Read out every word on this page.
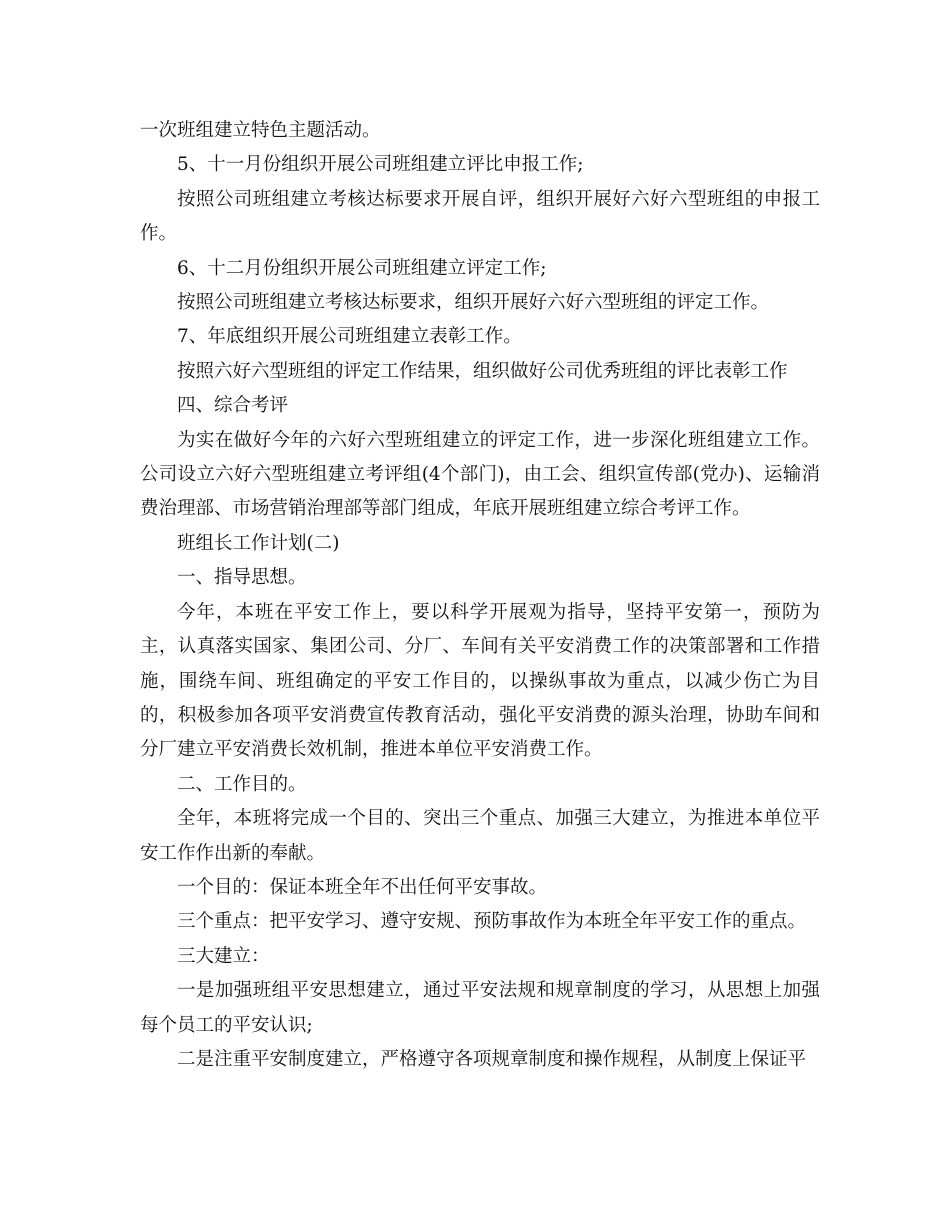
一次班组建立特色主题活动。

5、十一月份组织开展公司班组建立评比申报工作;

按照公司班组建立考核达标要求开展自评，组织开展好六好六型班组的申报工作。

6、十二月份组织开展公司班组建立评定工作;

按照公司班组建立考核达标要求，组织开展好六好六型班组的评定工作。

7、年底组织开展公司班组建立表彰工作。

按照六好六型班组的评定工作结果，组织做好公司优秀班组的评比表彰工作

四、综合考评

为实在做好今年的六好六型班组建立的评定工作，进一步深化班组建立工作。公司设立六好六型班组建立考评组(4个部门)，由工会、组织宣传部(党办)、运输消费治理部、市场营销治理部等部门组成，年底开展班组建立综合考评工作。

班组长工作计划(二)

一、指导思想。

今年，本班在平安工作上，要以科学开展观为指导，坚持平安第一，预防为主，认真落实国家、集团公司、分厂、车间有关平安消费工作的决策部署和工作措施，围绕车间、班组确定的平安工作目的，以操纵事故为重点，以减少伤亡为目的，积极参加各项平安消费宣传教育活动，强化平安消费的源头治理，协助车间和分厂建立平安消费长效机制，推进本单位平安消费工作。

二、工作目的。

全年，本班将完成一个目的、突出三个重点、加强三大建立，为推进本单位平安工作作出新的奉献。

一个目的：保证本班全年不出任何平安事故。

三个重点：把平安学习、遵守安规、预防事故作为本班全年平安工作的重点。

三大建立：

一是加强班组平安思想建立，通过平安法规和规章制度的学习，从思想上加强每个员工的平安认识;

二是注重平安制度建立，严格遵守各项规章制度和操作规程，从制度上保证平
